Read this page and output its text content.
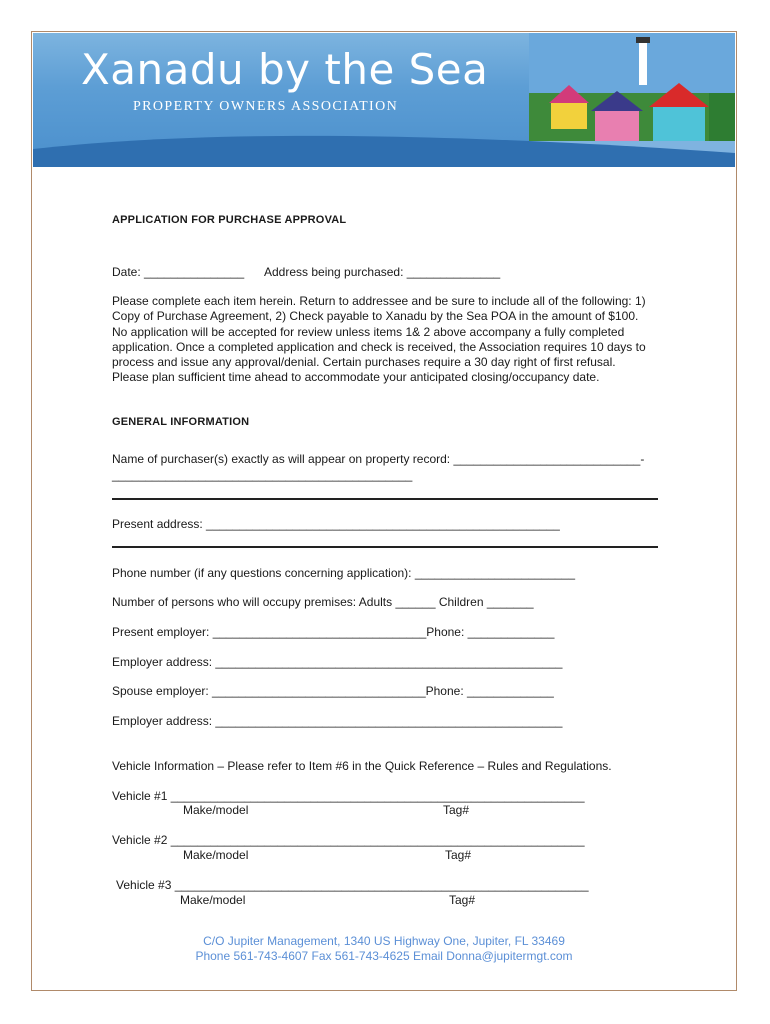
Xanadu by the Sea
PROPERTY OWNERS ASSOCIATION
APPLICATION FOR PURCHASE APPROVAL
Date: _______________ Address being purchased: ______________
Please complete each item herein. Return to addressee and be sure to include all of the following: 1) Copy of Purchase Agreement, 2) Check payable to Xanadu by the Sea POA in the amount of $100. No application will be accepted for review unless items 1& 2 above accompany a fully completed application. Once a completed application and check is received, the Association requires 10 days to process and issue any approval/denial. Certain purchases require a 30 day right of first refusal. Please plan sufficient time ahead to accommodate your anticipated closing/occupancy date.
GENERAL INFORMATION
Name of purchaser(s) exactly as will appear on property record: ____________________________-
_____________________________________________
Present address: _____________________________________________________
Phone number (if any questions concerning application): ________________________
Number of persons who will occupy premises: Adults ______ Children _______
Present employer: ________________________________Phone: _____________
Employer address: ____________________________________________________
Spouse employer: ________________________________Phone: _____________
Employer address: ____________________________________________________
Vehicle Information – Please refer to Item #6 in the Quick Reference – Rules and Regulations.
Vehicle #1 ______________________________________________________________
Make/model	Tag#
Vehicle #2 ______________________________________________________________
Make/model	Tag#
Vehicle #3 ______________________________________________________________
Make/model	Tag#
C/O Jupiter Management, 1340 US Highway One, Jupiter, FL 33469
Phone 561-743-4607 Fax 561-743-4625 Email Donna@jupitermgt.com
